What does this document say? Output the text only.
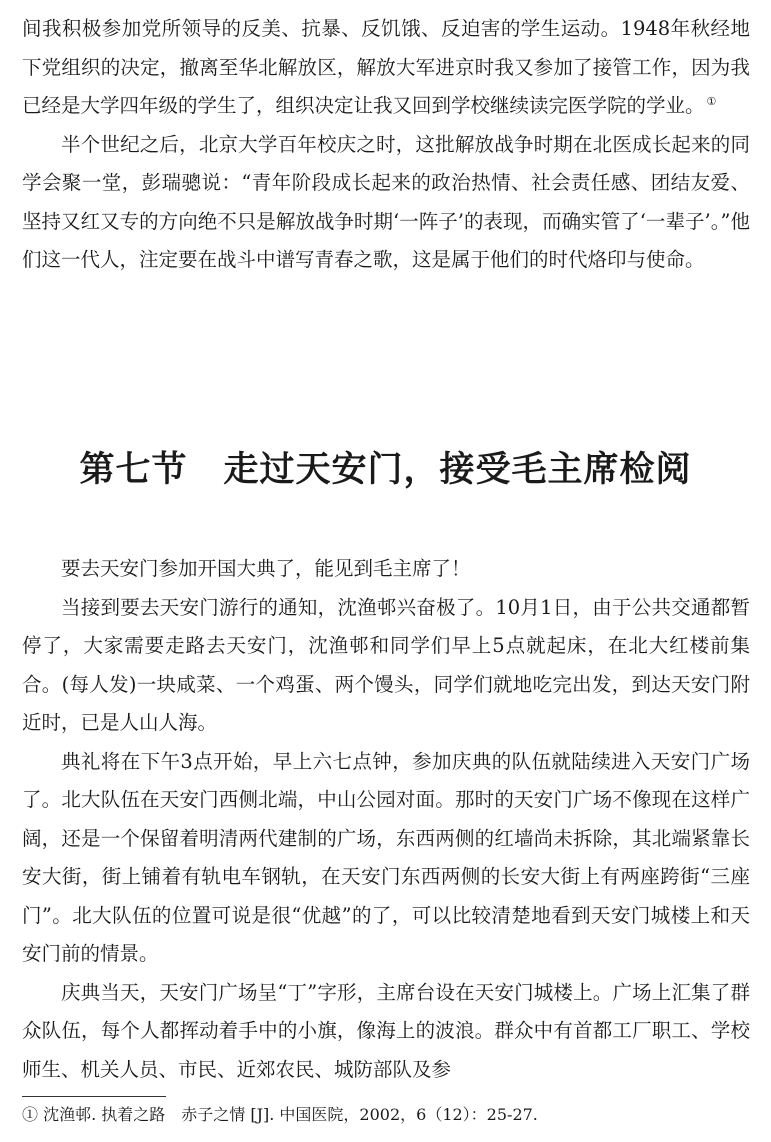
间我积极参加党所领导的反美、抗暴、反饥饿、反迫害的学生运动。1948年秋经地下党组织的决定，撤离至华北解放区，解放大军进京时我又参加了接管工作，因为我已经是大学四年级的学生了，组织决定让我又回到学校继续读完医学院的学业。 ①

半个世纪之后，北京大学百年校庆之时，这批解放战争时期在北医成长起来的同学会聚一堂，彭瑞骢说：“青年阶段成长起来的政治热情、社会责任感、团结友爱、坚持又红又专的方向绝不只是解放战争时期‘一阵子’的表现，而确实管了‘一辈子’。”他们这一代人，注定要在战斗中谱写青春之歌，这是属于他们的时代烙印与使命。

第七节 走过天安门，接受毛主席检阅

要去天安门参加开国大典了，能见到毛主席了！

当接到要去天安门游行的通知，沈渔邨兴奋极了。10月1日，由于公共交通都暂停了，大家需要走路去天安门，沈渔邨和同学们早上5点就起床，在北大红楼前集合。(每人发)一块咸菜、一个鸡蛋、两个馒头，同学们就地吃完出发，到达天安门附近时，已是人山人海。

典礼将在下午3点开始，早上六七点钟，参加庆典的队伍就陆续进入天安门广场了。北大队伍在天安门西侧北端，中山公园对面。那时的天安门广场不像现在这样广阔，还是一个保留着明清两代建制的广场，东西两侧的红墙尚未拆除，其北端紧靠长安大街，街上铺着有轨电车钢轨，在天安门东西两侧的长安大街上有两座跨街“三座门”。北大队伍的位置可说是很“优越”的了，可以比较清楚地看到天安门城楼上和天安门前的情景。

庆典当天，天安门广场呈“丁”字形，主席台设在天安门城楼上。广场上汇集了群众队伍，每个人都挥动着手中的小旗，像海上的波浪。群众中有首都工厂职工、学校师生、机关人员、市民、近郊农民、城防部队及参

① 沈渔邨. 执着之路　赤子之情 [J]. 中国医院，2002，6（12）：25-27.
